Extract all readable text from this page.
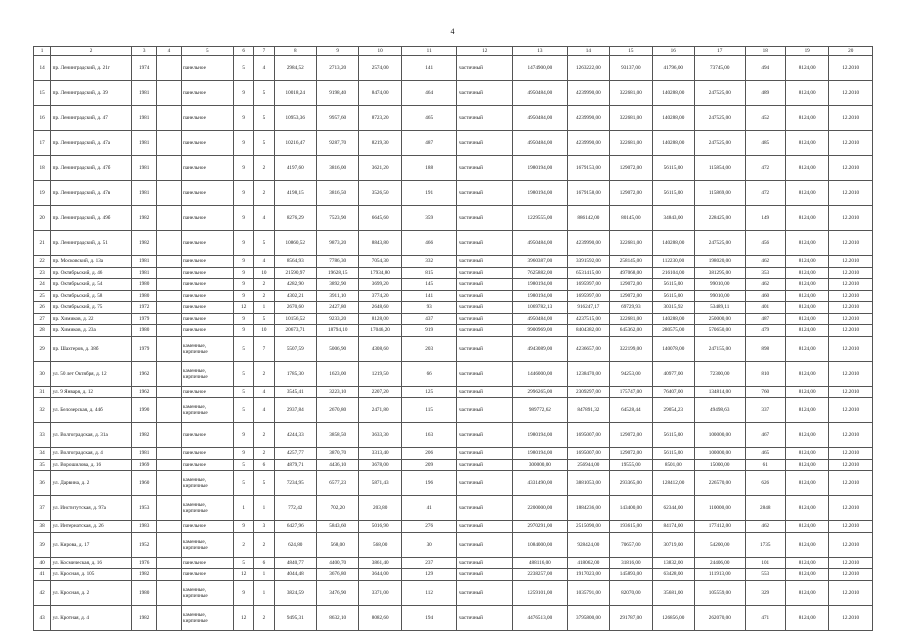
4
1	2	3	4	5	6	7	8	9	10	11	12	13	14	15	16	17	18	19	20
14	пр. Ленинградский, д. 21г	1974		панельное	5	4	2984,52	2713,20	2574,00	141	частичный	1474900,00	1263222,00	93137,00	41796,00	73745,00	494	8124,00	12.2010
15	пр. Ленинградский, д. 39	1981		панельное	9	5	10018,24	9198,40	8474,00	464	частичный	4950484,00	4239990,00	322681,00	140288,00	247525,00	489	8124,00	12.2010
16	пр. Ленинградский, д. 47	1981		панельное	9	5	10953,36	9957,60	8723,20	465	частичный	4950484,00	4239990,00	322681,00	140288,00	247525,00	452	8124,00	12.2010
17	пр. Ленинградский, д. 47а	1981		панельное	9	5	10216,47	9287,70	8219,30	487	частичный	4950484,00	4239990,00	322681,00	140288,00	247525,00	485	8124,00	12.2010
18	пр. Ленинградский, д. 47б	1981		панельное	9	2	4197,60	3816,00	3621,20	188	частичный	1980194,00	1679153,00	129072,00	56115,00	115854,00	472	8124,00	12.2010
19	пр. Ленинградский, д. 47в	1981		панельное	9	2	4198,15	3816,50	3526,50	191	частичный	1980194,00	1679158,00	129072,00	56115,00	115869,00	472	8124,00	12.2010
20	пр. Ленинградский, д. 49б	1982		панельное	9	4	8276,29	7523,90	6645,60	359	частичный	1229555,00	886142,00	80145,00	34843,00	228425,00	149	8124,00	12.2010
21	пр. Ленинградский, д. 51	1982		панельное	9	5	10860,52	9873,20	8843,80	466	частичный	4950484,00	4239990,00	322681,00	140288,00	247525,00	456	8124,00	12.2010
22	пр. Московский, д. 13а	1981		панельное	9	4	8564,93	7786,30	7054,30	332	частичный	3960387,00	3391592,00	258145,00	112230,00	198020,00	462	8124,00	12.2010
23	пр. Октябрьский, д. 46	1981		панельное	9	10	21590,97	19628,15	17934,80	815	частичный	7625882,00	6531415,00	497068,00	216104,00	381295,00	353	8124,00	12.2010
24	пр. Октябрьский, д. 54	1980		панельное	9	2	4282,90	3892,90	3699,20	145	частичный	1980194,00	1695997,00	129072,00	56115,00	99010,00	462	8124,00	12.2010
25	пр. Октябрьский, д. 58	1980		панельное	9	2	4302,21	3911,10	3774,20	141	частичный	1980194,00	1695997,00	129072,00	56115,00	99010,00	460	8124,00	12.2010
26	пр. Октябрьский, д. 75	1972		панельное	12	1	2670,60	2427,80	2648,60	93	частичный	1069782,13	916247,17	69729,93	30315,92	53489,11	401	8124,00	12.2010
27	пр. Химиков, д. 22	1979		панельное	9	5	10156,52	9233,20	8128,00	437	частичный	4950484,00	4237515,00	322681,00	140288,00	250000,00	487	8124,00	12.2010
28	пр. Химиков, д. 23а	1980		панельное	9	10	20673,71	18794,10	17046,20	919	частичный	9900969,00	8404382,00	645362,00	280575,00	570650,00	479	8124,00	12.2010
29	пр. Шахтеров, д. 38б	1979		каменные, кирпичные	5	7	5507,59	5006,90	4308,60	203	частичный	4943089,00	4236657,00	322199,00	140078,00	247155,00	898	8124,00	12.2010
30	ул. 50 лет Октября, д. 12	1962		каменные, кирпичные	5	2	1785,30	1623,00	1219,50	66	частичный	1446000,00	1238470,00	94253,00	40977,00	72300,00	810	8124,00	12.2010
31	ул. 9 Января, д. 12	1962		панельное	5	4	3545,41	3223,10	2207,20	125	частичный	2996265,00	2309297,00	175747,00	76407,00	134814,00	760	8124,00	12.2010
32	ул. Белозерская, д. 44б	1990		каменные, кирпичные	5	4	2937,84	2670,80	2471,80	115	частичный	989772,62	847891,32	64528,44	29054,23	49498,63	337	8124,00	12.2010
33	ул. Волгоградская, д. 31а	1982		панельное	9	2	4244,33	3858,50	3633,30	163	частичный	1980194,00	1695007,00	129072,00	56115,00	100000,00	467	8124,00	12.2010
34	ул. Волгоградская, д. 4	1981		панельное	9	2	4257,77	3870,70	3313,40	206	частичный	1980194,00	1695007,00	129072,00	56115,00	100000,00	465	8124,00	12.2010
35	ул. Ворошилова, д. 16	1969		панельное	5	6	4879,71	4436,10	3678,00	209	частичный	300000,00	256944,00	19555,00	8501,00	15000,00	61	8124,00	12.2010
36	ул. Дарвина, д. 2	1960		каменные, кирпичные	5	5	7234,95	6577,23	5871,43	196	частичный	4331490,00	3881053,00	293365,00	128412,00	226570,00	626	8124,00	12.2010
37	ул. Институтская, д. 97а	1953		каменные, кирпичные	1	1	772,42	702,20	203,80	41	частичный	2200000,00	1884236,00	143400,00	62344,00	110000,00	2848	8124,00	12.2010
38	ул. Интернатская, д. 26	1983		панельное	9	3	6427,96	5843,60	5016,90	276	частичный	2970291,00	2515090,00	193615,00	84174,00	177412,00	462	8124,00	12.2010
39	ул. Кирова, д. 17	1952		каменные, кирпичные	2	2	624,80	568,00	568,00	30	частичный	1084000,00	928424,00	70657,00	30719,00	54200,00	1735	8124,00	12.2010
40	ул. Космическая, д. 16	1976		панельное	5	6	4840,77	4400,70	3861,40	237	частичный	488116,00	418062,00	31816,00	13832,00	24406,00	101	8124,00	12.2010
41	ул. Кросная, д. 105	1982		панельное	12	1	4044,48	3676,80	3644,00	129	частичный	2238257,00	1917023,00	145893,00	63428,00	111913,00	553	8124,00	12.2010
42	ул. Кросная, д. 2	1980		каменные, кирпичные	9	1	3824,59	3476,90	3371,00	112	частичный	1259101,00	1035791,00	82070,00	35681,00	105559,00	329	8124,00	12.2010
43	ул. Кротная, д. 4	1982		каменные, кирпичные	12	2	9495,31	8632,10	8082,60	194	частичный	4476513,00	3795800,00	291787,00	126856,00	262070,00	471	8124,00	12.2010
